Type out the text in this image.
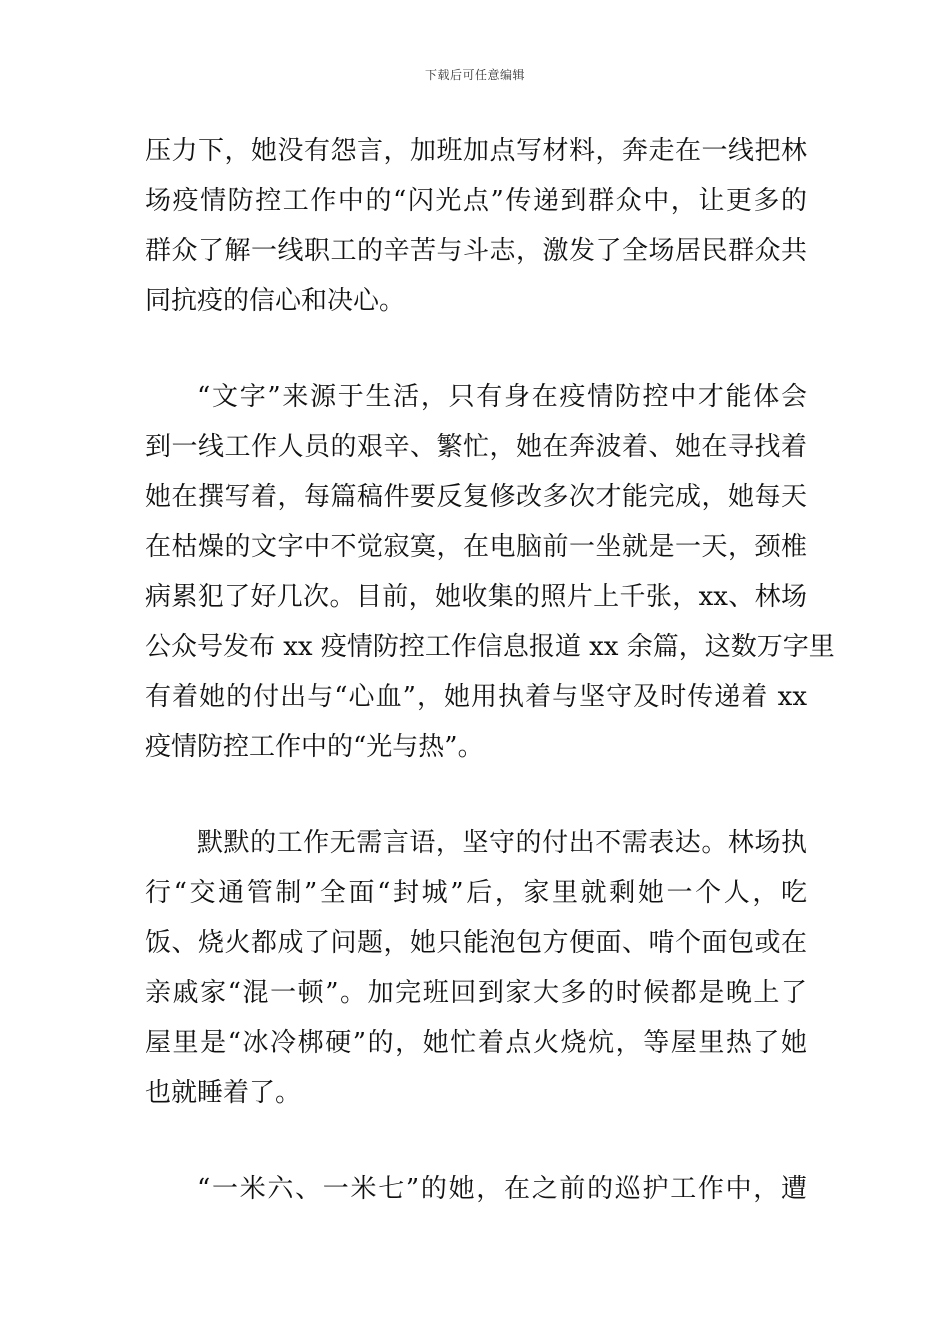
下载后可任意编辑
压力下，她没有怨言，加班加点写材料，奔走在一线把林
场疫情防控工作中的“闪光点”传递到群众中，让更多的
群众了解一线职工的辛苦与斗志，激发了全场居民群众共
同抗疫的信心和决心。
“文字”来源于生活，只有身在疫情防控中才能体会
到一线工作人员的艰辛、繁忙，她在奔波着、她在寻找着
她在撰写着，每篇稿件要反复修改多次才能完成，她每天
在枯燥的文字中不觉寂寞，在电脑前一坐就是一天，颈椎
病累犯了好几次。目前，她收集的照片上千张，xx、林场
公众号发布 xx 疫情防控工作信息报道 xx 余篇，这数万字里
有着她的付出与“心血”，她用执着与坚守及时传递着 xx
疫情防控工作中的“光与热”。
默默的工作无需言语，坚守的付出不需表达。林场执
行“交通管制”全面“封城”后，家里就剩她一个人，吃
饭、烧火都成了问题，她只能泡包方便面、啃个面包或在
亲戚家“混一顿”。加完班回到家大多的时候都是晚上了
屋里是“冰冷梆硬”的，她忙着点火烧炕，等屋里热了她
也就睡着了。
“一米六、一米七”的她，在之前的巡护工作中，遭
